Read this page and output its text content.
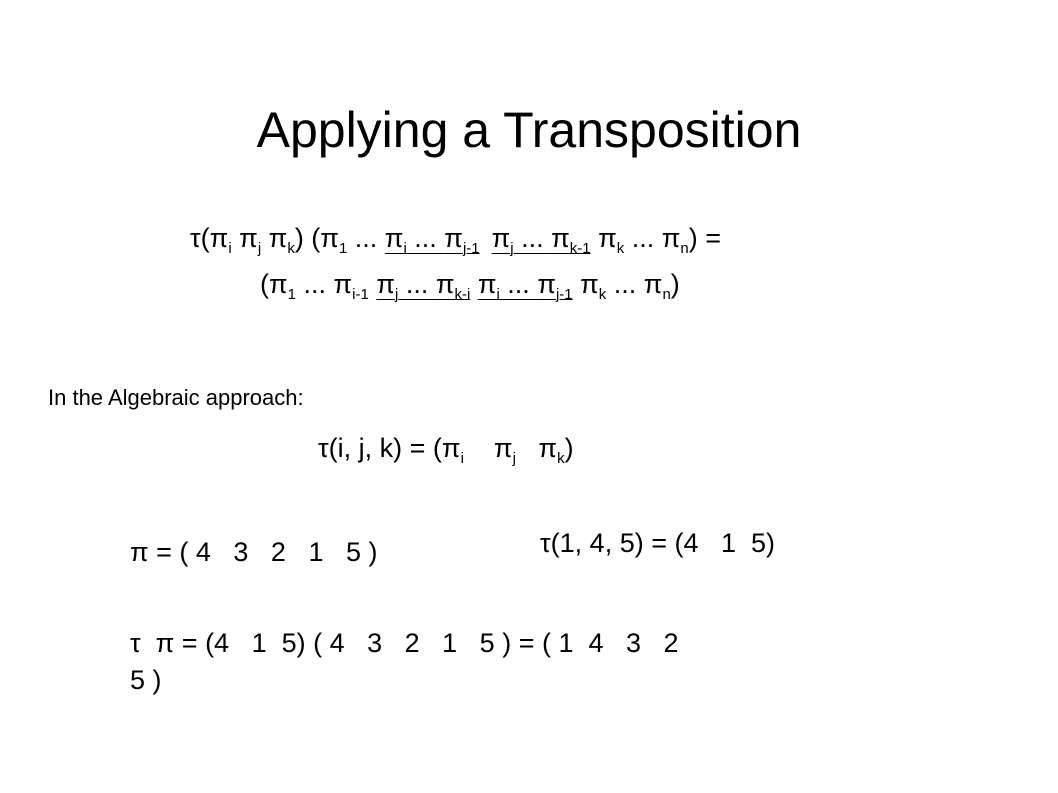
Applying a Transposition
$\tau(\pi_i$ $\pi_j$ $\pi_k$) ($\pi_1$ ... $\pi_i$ ... $\pi_{j-1}$ $\pi_j$ ... $\pi_{k-1}$ $\pi_k$ ... $\pi_n$) =
($\pi_1$ ... $\pi_{i-1}$ $\pi_j$ ... $\pi_{k-i}$ $\pi_i$ ... $\pi_{j-1}$ $\pi_k$ ... $\pi_n$)
In the Algebraic approach:
τ(i, j, $k) = (\pi_i$ $\pi_j$ $\pi_k$)
π = ( 4   3   2   1   5 )	τ(1, 4, 5) = (4   1  5)
τ  π = (4   1  5) ( 4   3   2   1   5 ) = ( 1  4   3   2
5 )
